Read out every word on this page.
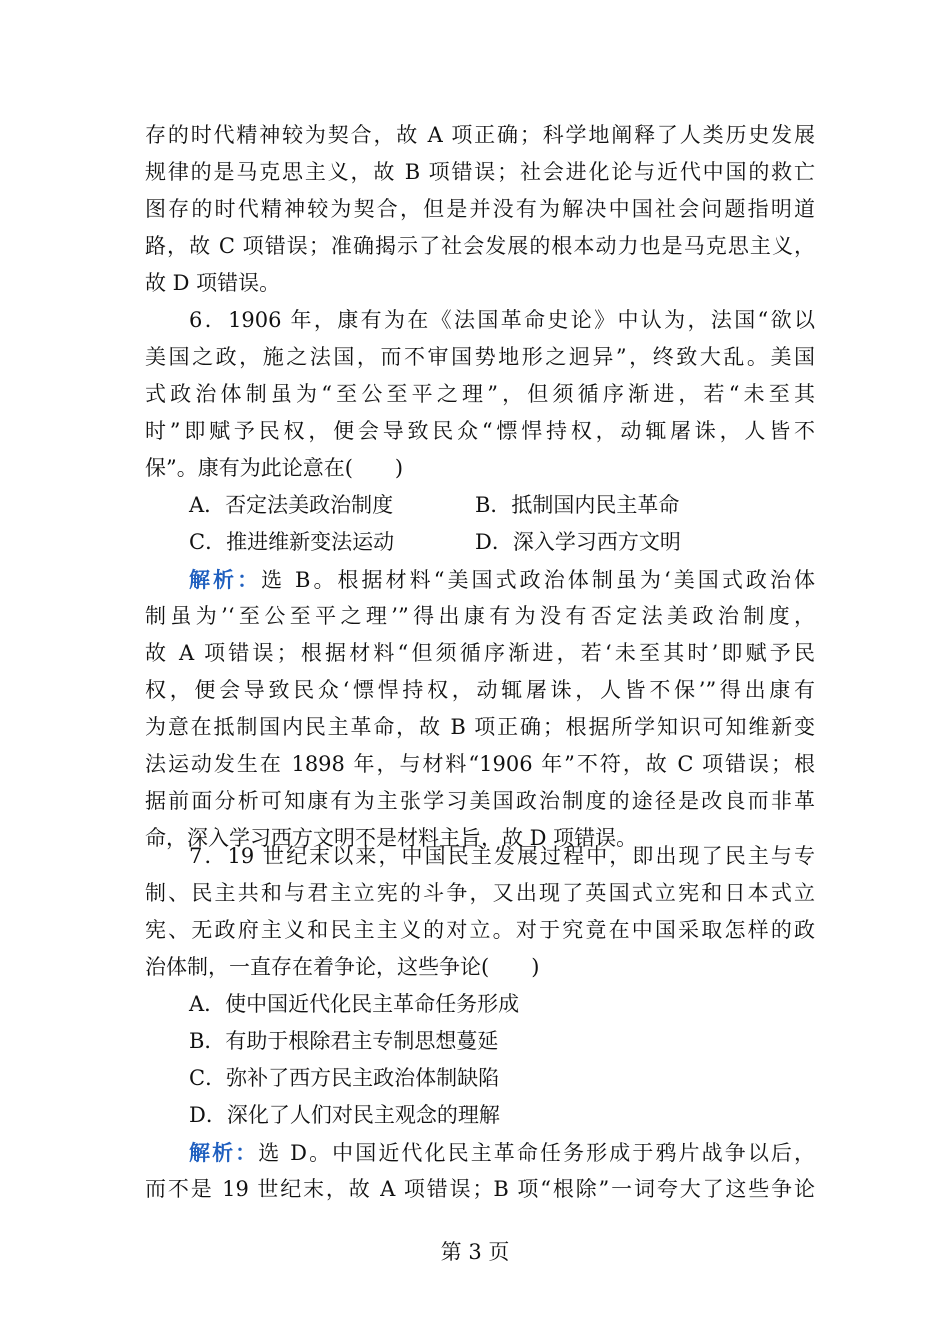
存的时代精神较为契合，故 A 项正确；科学地阐释了人类历史发展
规律的是马克思主义，故 B 项错误；社会进化论与近代中国的救亡
图存的时代精神较为契合，但是并没有为解决中国社会问题指明道
路，故 C 项错误；准确揭示了社会发展的根本动力也是马克思主义，
故 D 项错误。
6．1906 年，康有为在《法国革命史论》中认为，法国“欲以
美国之政，施之法国，而不审国势地形之迥异”，终致大乱。美国
式政治体制虽为“至公至平之理”，但须循序渐进，若“未至其
时”即赋予民权，便会导致民众“慓悍持权，动辄屠诛，人皆不
保”。康有为此论意在(　　)
A．否定法美政治制度	B．抵制国内民主革命
C．推进维新变法运动	D．深入学习西方文明
解析：选 B。根据材料“美国式政治体制虽为‘美国式政治体
制虽为’‘至公至平之理’”得出康有为没有否定法美政治制度，
故 A 项错误；根据材料“但须循序渐进，若‘未至其时’即赋予民
权，便会导致民众‘慓悍持权，动辄屠诛，人皆不保’”得出康有
为意在抵制国内民主革命，故 B 项正确；根据所学知识可知维新变
法运动发生在 1898 年，与材料“1906 年”不符，故 C 项错误；根
据前面分析可知康有为主张学习美国政治制度的途径是改良而非革
命，深入学习西方文明不是材料主旨，故 D 项错误。
7．19 世纪末以来，中国民主发展过程中，即出现了民主与专
制、民主共和与君主立宪的斗争，又出现了英国式立宪和日本式立
宪、无政府主义和民主主义的对立。对于究竟在中国采取怎样的政
治体制，一直存在着争论，这些争论(　　)
A．使中国近代化民主革命任务形成
B．有助于根除君主专制思想蔓延
C．弥补了西方民主政治体制缺陷
D．深化了人们对民主观念的理解
解析：选 D。中国近代化民主革命任务形成于鸦片战争以后，
而不是 19 世纪末，故 A 项错误；B 项“根除”一词夸大了这些争论
第 3 页
